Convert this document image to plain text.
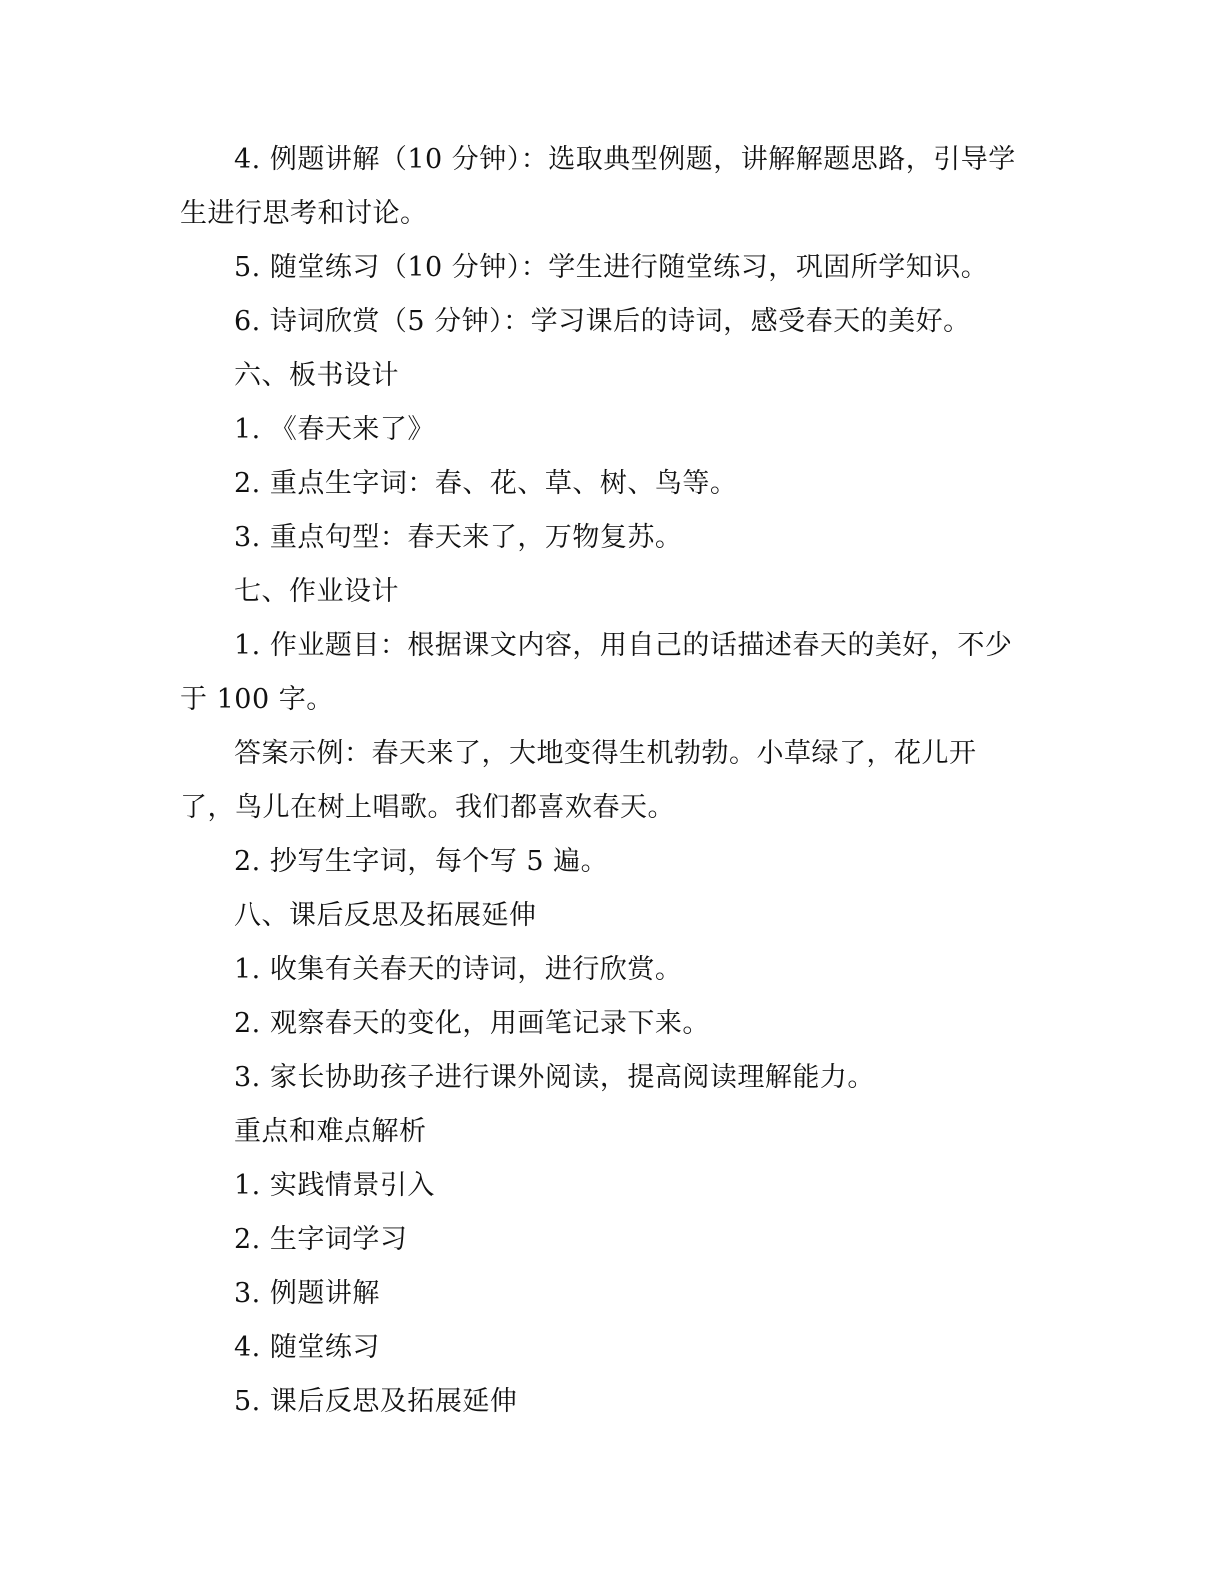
4. 例题讲解（10 分钟）：选取典型例题，讲解解题思路，引导学

生进行思考和讨论。

5. 随堂练习（10 分钟）：学生进行随堂练习，巩固所学知识。

6. 诗词欣赏（5 分钟）：学习课后的诗词，感受春天的美好。

六、板书设计

1. 《春天来了》

2. 重点生字词：春、花、草、树、鸟等。

3. 重点句型：春天来了，万物复苏。

七、作业设计

1. 作业题目：根据课文内容，用自己的话描述春天的美好，不少

于 100 字。

答案示例：春天来了，大地变得生机勃勃。小草绿了，花儿开

了，鸟儿在树上唱歌。我们都喜欢春天。

2. 抄写生字词，每个写 5 遍。

八、课后反思及拓展延伸

1. 收集有关春天的诗词，进行欣赏。

2. 观察春天的变化，用画笔记录下来。

3. 家长协助孩子进行课外阅读，提高阅读理解能力。

重点和难点解析

1. 实践情景引入

2. 生字词学习

3. 例题讲解

4. 随堂练习

5. 课后反思及拓展延伸
